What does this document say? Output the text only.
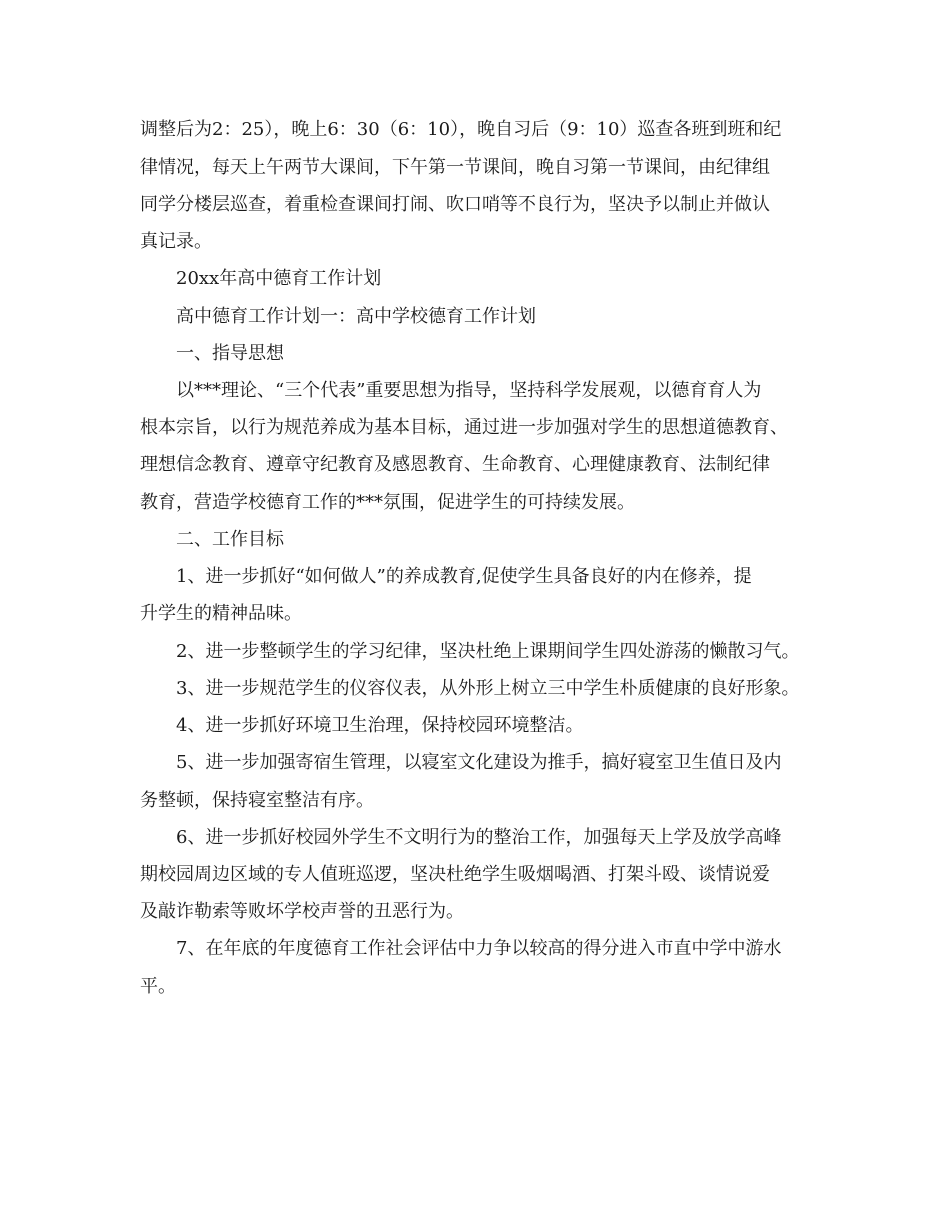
调整后为2：25），晚上6：30（6：10），晚自习后（9：10）巡查各班到班和纪
律情况，每天上午两节大课间，下午第一节课间，晚自习第一节课间，由纪律组
同学分楼层巡查，着重检查课间打闹、吹口哨等不良行为，坚决予以制止并做认
真记录。
20xx年高中德育工作计划
高中德育工作计划一：高中学校德育工作计划
一、指导思想
以***理论、“三个代表”重要思想为指导，坚持科学发展观，以德育育人为
根本宗旨，以行为规范养成为基本目标，通过进一步加强对学生的思想道德教育、
理想信念教育、遵章守纪教育及感恩教育、生命教育、心理健康教育、法制纪律
教育，营造学校德育工作的***氛围，促进学生的可持续发展。
二、工作目标
1、进一步抓好“如何做人”的养成教育,促使学生具备良好的内在修养，提
升学生的精神品味。
2、进一步整顿学生的学习纪律，坚决杜绝上课期间学生四处游荡的懒散习气。
3、进一步规范学生的仪容仪表，从外形上树立三中学生朴质健康的良好形象。
4、进一步抓好环境卫生治理，保持校园环境整洁。
5、进一步加强寄宿生管理，以寝室文化建设为推手，搞好寝室卫生值日及内
务整顿，保持寝室整洁有序。
6、进一步抓好校园外学生不文明行为的整治工作，加强每天上学及放学高峰
期校园周边区域的专人值班巡逻，坚决杜绝学生吸烟喝酒、打架斗殴、谈情说爱
及敲诈勒索等败坏学校声誉的丑恶行为。
7、在年底的年度德育工作社会评估中力争以较高的得分进入市直中学中游水
平。
